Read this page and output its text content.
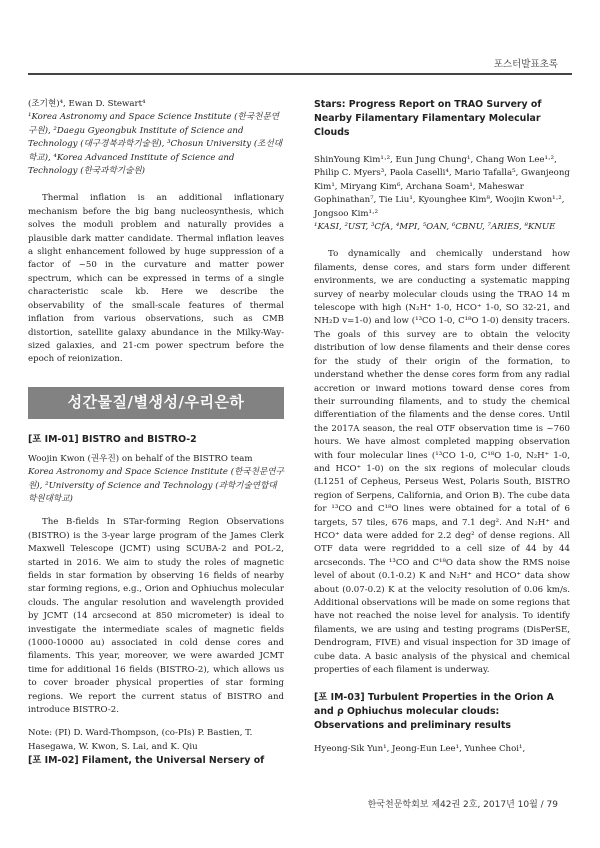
포스터발표초록

(조기현)⁴, Ewan D. Stewart⁴

¹Korea Astronomy and Space Science Institute (한국천문연구원), ²Daegu Gyeongbuk Institute of Science and Technology (대구경북과학기술원), ³Chosun University (조선대학교), ⁴Korea Advanced Institute of Science and Technology (한국과학기술원)

Thermal inflation is an additional inflationary mechanism before the big bang nucleosynthesis, which solves the moduli problem and naturally provides a plausible dark matter candidate. Thermal inflation leaves a slight enhancement followed by huge suppression of a factor of ~50 in the curvature and matter power spectrum, which can be expressed in terms of a single characteristic scale kb. Here we describe the observability of the small-scale features of thermal inflation from various observations, such as CMB distortion, satellite galaxy abundance in the Milky-Way-sized galaxies, and 21-cm power spectrum before the epoch of reionization.

성간물질/별생성/우리은하

[포 IM-01] BISTRO and BISTRO-2

Woojin Kwon (권우진) on behalf of the BISTRO team

Korea Astronomy and Space Science Institute (한국천문연구원), ²University of Science and Technology (과학기술연합대학원대학교)

The B-fields In STar-forming Region Observations (BISTRO) is the 3-year large program of the James Clerk Maxwell Telescope (JCMT) using SCUBA-2 and POL-2, started in 2016. We aim to study the roles of magnetic fields in star formation by observing 16 fields of nearby star forming regions, e.g., Orion and Ophiuchus molecular clouds. The angular resolution and wavelength provided by JCMT (14 arcsecond at 850 micrometer) is ideal to investigate the intermediate scales of magnetic fields (1000-10000 au) associated in cold dense cores and filaments. This year, moreover, we were awarded JCMT time for additional 16 fields (BISTRO-2), which allows us to cover broader physical properties of star forming regions. We report the current status of BISTRO and introduce BISTRO-2.

Note: (PI) D. Ward-Thompson, (co-PIs) P. Bastien, T. Hasegawa, W. Kwon, S. Lai, and K. Qiu

[포 IM-02] Filament, the Universal Nersery of

Stars: Progress Report on TRAO Survery of Nearby Filamentary Filamentary Molecular Clouds

ShinYoung Kim¹·², Eun Jung Chung¹, Chang Won Lee¹·², Philip C. Myers³, Paola Caselli⁴, Mario Tafalla⁵, Gwanjeong Kim¹, Miryang Kim⁶, Archana Soam¹, Maheswar Gophinathan⁷, Tie Liu¹, Kyounghee Kim⁸, Woojin Kwon¹·², Jongsoo Kim¹·²

¹KASI, ²UST, ³CfA, ⁴MPI, ⁵OAN, ⁶CBNU, ⁷ARIES, ⁸KNUE

To dynamically and chemically understand how filaments, dense cores, and stars form under different environments, we are conducting a systematic mapping survey of nearby molecular clouds using the TRAO 14 m telescope with high (N₂H⁺ 1-0, HCO⁺ 1-0, SO 32-21, and NH₂D v=1-0) and low (¹³CO 1-0, C¹⁸O 1-0) density tracers. The goals of this survey are to obtain the velocity distribution of low dense filaments and their dense cores for the study of their origin of the formation, to understand whether the dense cores form from any radial accretion or inward motions toward dense cores from their surrounding filaments, and to study the chemical differentiation of the filaments and the dense cores. Until the 2017A season, the real OTF observation time is ~760 hours. We have almost completed mapping observation with four molecular lines (¹³CO 1-0, C¹⁸O 1-0, N₂H⁺ 1-0, and HCO⁺ 1-0) on the six regions of molecular clouds (L1251 of Cepheus, Perseus West, Polaris South, BISTRO region of Serpens, California, and Orion B). The cube data for ¹³CO and C¹⁸O lines were obtained for a total of 6 targets, 57 tiles, 676 maps, and 7.1 deg². And N₂H⁺ and HCO⁺ data were added for 2.2 deg² of dense regions. All OTF data were regridded to a cell size of 44 by 44 arcseconds. The ¹³CO and C¹⁸O data show the RMS noise level of about (0.1-0.2) K and N₂H⁺ and HCO⁺ data show about (0.07-0.2) K at the velocity resolution of 0.06 km/s. Additional observations will be made on some regions that have not reached the noise level for analysis. To identify filaments, we are using and testing programs (DisPerSE, Dendrogram, FIVE) and visual inspection for 3D image of cube data. A basic analysis of the physical and chemical properties of each filament is underway.

[포 IM-03] Turbulent Properties in the Orion A and ρ Ophiuchus molecular clouds: Observations and preliminary results

Hyeong-Sik Yun¹, Jeong-Eun Lee¹, Yunhee Choi¹,

한국천문학회보 제42권 2호, 2017년 10월 / 79
